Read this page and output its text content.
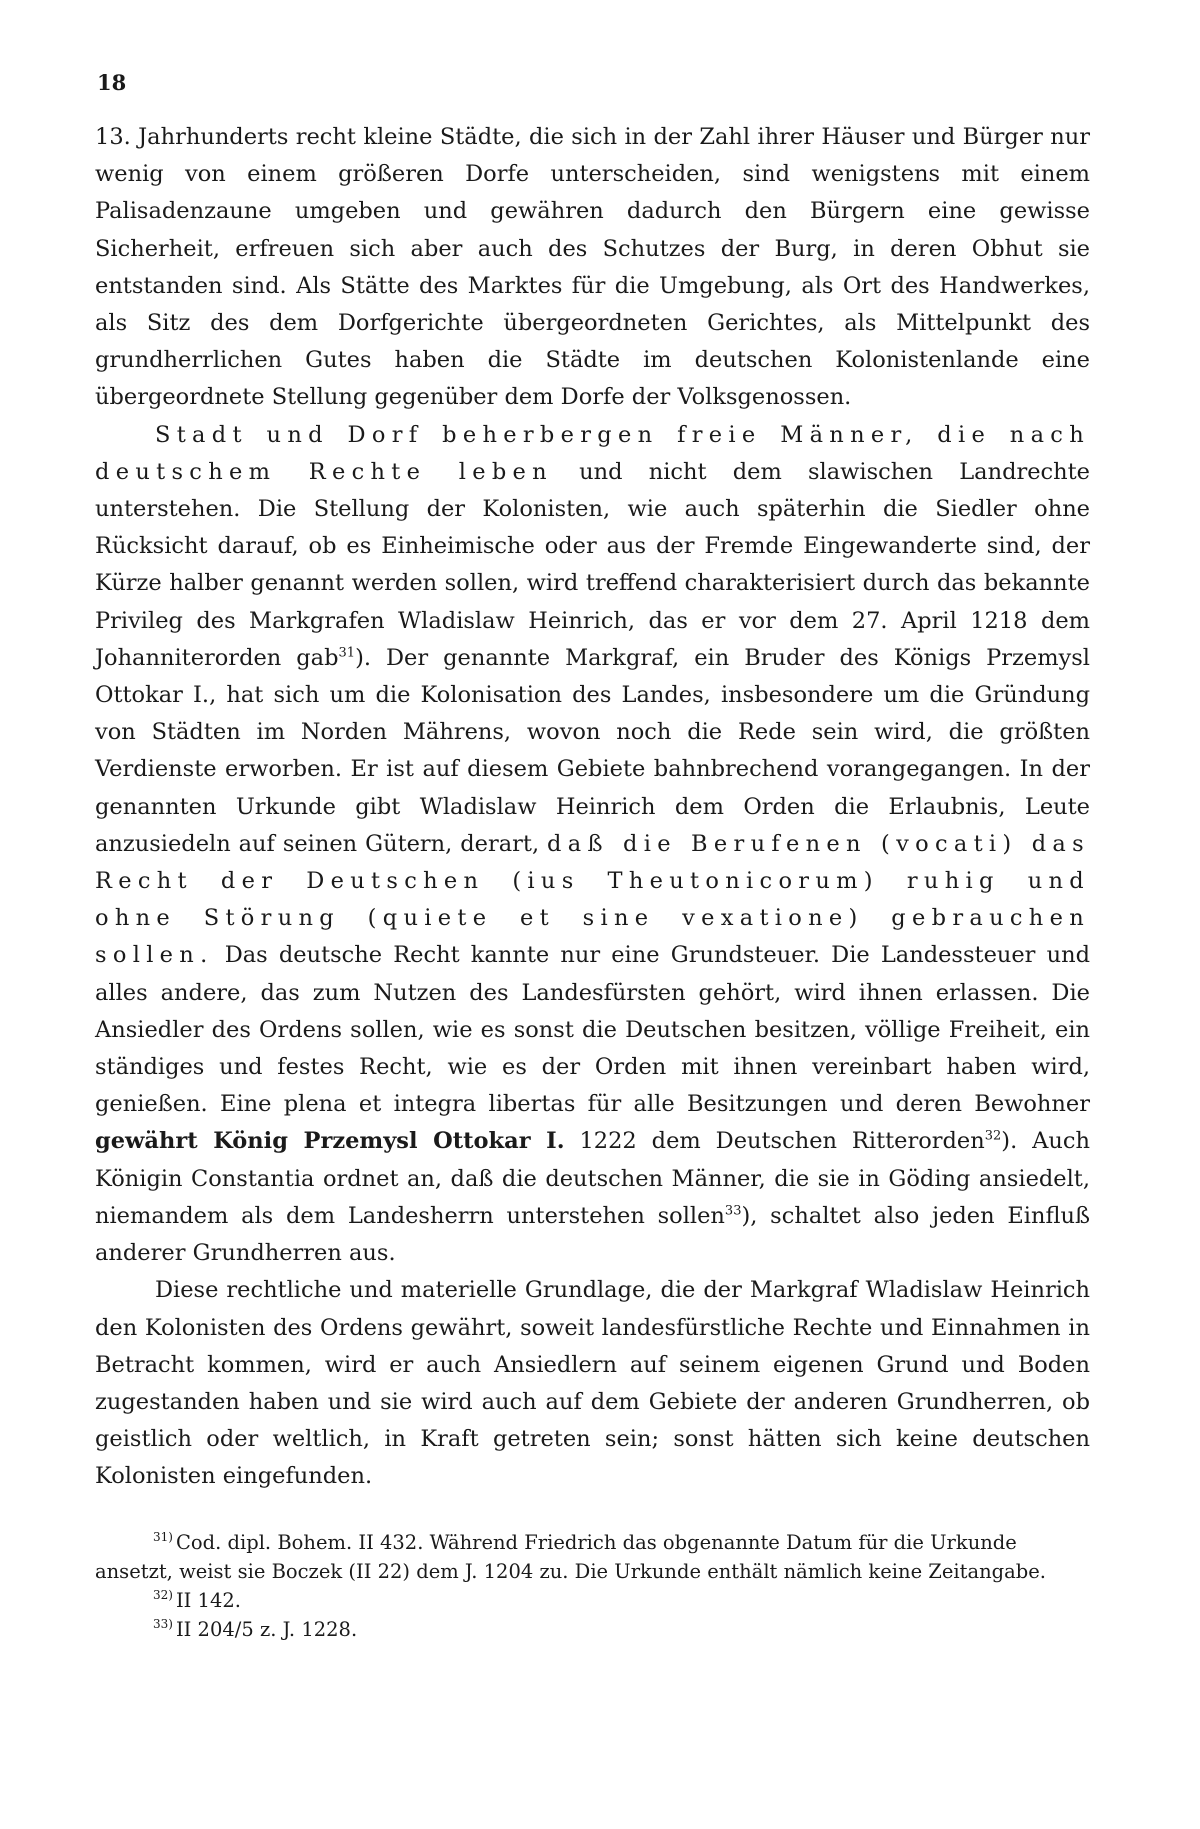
18

13. Jahrhunderts recht kleine Städte, die sich in der Zahl ihrer Häuser und Bürger nur wenig von einem größeren Dorfe unterscheiden, sind wenigstens mit einem Palisadenzaune umgeben und gewähren dadurch den Bürgern eine gewisse Sicherheit, erfreuen sich aber auch des Schutzes der Burg, in deren Obhut sie entstanden sind. Als Stätte des Marktes für die Umgebung, als Ort des Handwerkes, als Sitz des dem Dorfgerichte übergeordneten Gerichtes, als Mittelpunkt des grundherrlichen Gutes haben die Städte im deutschen Kolonistenlande eine übergeordnete Stellung gegenüber dem Dorfe der Volksgenossen.

Stadt und Dorf beherbergen freie Männer, die nach deutschem Rechte leben und nicht dem slawischen Landrechte unterstehen. Die Stellung der Kolonisten, wie auch späterhin die Siedler ohne Rücksicht darauf, ob es Einheimische oder aus der Fremde Eingewanderte sind, der Kürze halber genannt werden sollen, wird treffend charakterisiert durch das bekannte Privileg des Markgrafen Wladislaw Heinrich, das er vor dem 27. April 1218 dem Johanniterorden gab$^{31}$). Der genannte Markgraf, ein Bruder des Königs Przemysl Ottokar I., hat sich um die Kolonisation des Landes, insbesondere um die Gründung von Städten im Norden Mährens, wovon noch die Rede sein wird, die größten Verdienste erworben. Er ist auf diesem Gebiete bahnbrechend vorangegangen. In der genannten Urkunde gibt Wladislaw Heinrich dem Orden die Erlaubnis, Leute anzusiedeln auf seinen Gütern, derart, daß die Berufenen (vocati) das Recht der Deutschen (ius Theutonicorum) ruhig und ohne Störung (quiete et sine vexatione) gebrauchen sollen. Das deutsche Recht kannte nur eine Grundsteuer. Die Landessteuer und alles andere, das zum Nutzen des Landesfürsten gehört, wird ihnen erlassen. Die Ansiedler des Ordens sollen, wie es sonst die Deutschen besitzen, völlige Freiheit, ein ständiges und festes Recht, wie es der Orden mit ihnen vereinbart haben wird, genießen. Eine plena et integra libertas für alle Besitzungen und deren Bewohner gewährt König Przemysl Ottokar I. 1222 dem Deutschen Ritterorden$^{32}$). Auch Königin Constantia ordnet an, daß die deutschen Männer, die sie in Göding ansiedelt, niemandem als dem Landesherrn unterstehen sollen$^{33}$), schaltet also jeden Einfluß anderer Grundherren aus.

Diese rechtliche und materielle Grundlage, die der Markgraf Wladislaw Heinrich den Kolonisten des Ordens gewährt, soweit landesfürstliche Rechte und Einnahmen in Betracht kommen, wird er auch Ansiedlern auf seinem eigenen Grund und Boden zugestanden haben und sie wird auch auf dem Gebiete der anderen Grundherren, ob geistlich oder weltlich, in Kraft getreten sein; sonst hätten sich keine deutschen Kolonisten eingefunden.

$^{31)}$ Cod. dipl. Bohem. II 432. Während Friedrich das obgenannte Datum für die Urkunde ansetzt, weist sie Boczek (II 22) dem J. 1204 zu. Die Urkunde enthält nämlich keine Zeitangabe.

$^{32)}$ II 142.

$^{33)}$ II 204/5 z. J. 1228.
